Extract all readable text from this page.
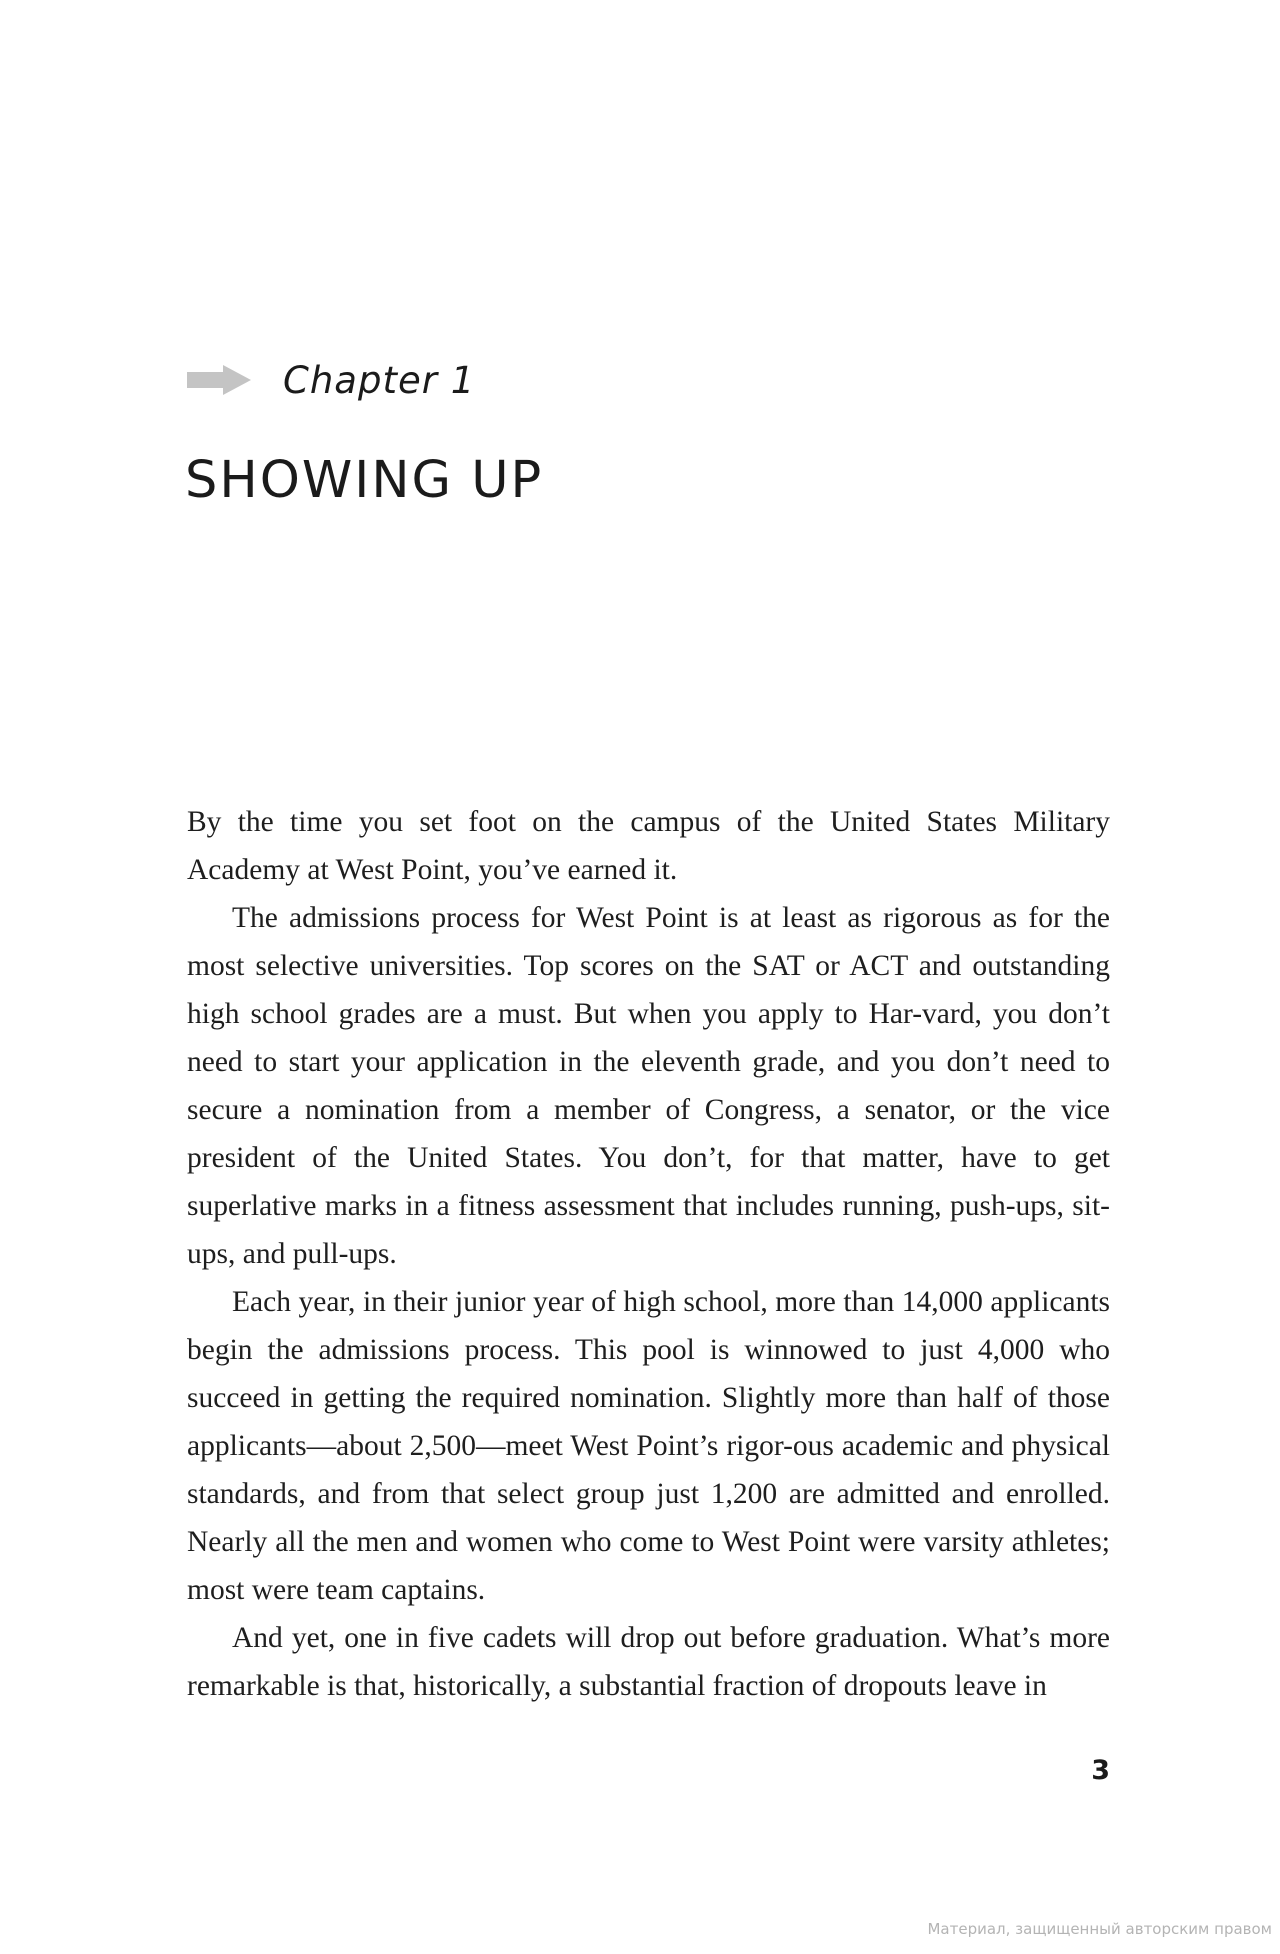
Chapter 1
SHOWING UP

By the time you set foot on the campus of the United States Military Academy at West Point, you’ve earned it.

The admissions process for West Point is at least as rigorous as for the most selective universities. Top scores on the SAT or ACT and outstanding high school grades are a must. But when you apply to Har-vard, you don’t need to start your application in the eleventh grade, and you don’t need to secure a nomination from a member of Congress, a senator, or the vice president of the United States. You don’t, for that matter, have to get superlative marks in a fitness assessment that includes running, push-ups, sit-ups, and pull-ups.

Each year, in their junior year of high school, more than 14,000 applicants begin the admissions process. This pool is winnowed to just 4,000 who succeed in getting the required nomination. Slightly more than half of those applicants—about 2,500—meet West Point’s rigor-ous academic and physical standards, and from that select group just 1,200 are admitted and enrolled. Nearly all the men and women who come to West Point were varsity athletes; most were team captains.

And yet, one in five cadets will drop out before graduation. What’s more remarkable is that, historically, a substantial fraction of dropouts leave in

3
Материал, защищенный авторским правом
